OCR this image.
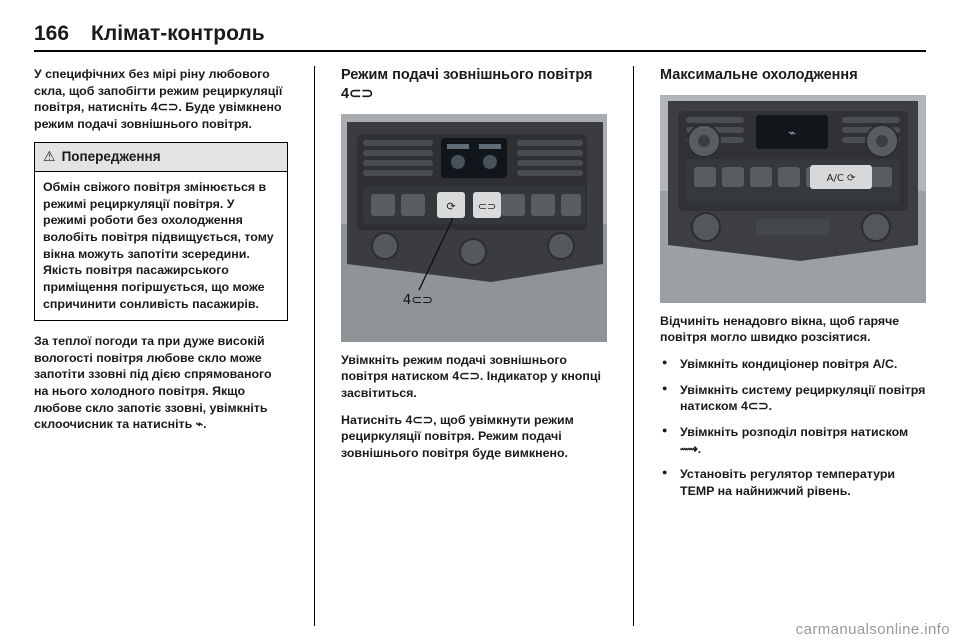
166 Клімат-контроль

У специфічних без мірі ріну любового скла, щоб запобігти режим рециркуляції повітря, натисніть 4⊂⊃. Буде увімкнено режим подачі зовнішнього повітря.

⚠ Попередження
Обмін свіжого повітря змінюється в режимі рециркуляції повітря. У режимі роботи без охолодження волобіть повітря підвищується, тому вікна можуть запотіти зсередини. Якість повітря пасажирського приміщення погіршується, що може спричинити сонливість пасажирів.

За теплої погоди та при дуже високій вологості повітря любове скло може запотіти ззовні під дією спрямованого на нього холодного повітря. Якщо любове скло запотіє ззовні, увімкніть склоочисник та натисніть ⌁.

Режим подачі зовнішнього повітря 4⊂⊃
⟳ ⊂⊃
4⊂⊃

Увімкніть режим подачі зовнішнього повітря натиском 4⊂⊃. Індикатор у кнопці засвітиться.

Натисніть 4⊂⊃, щоб увімкнути режим рециркуляції повітря. Режим подачі зовнішнього повітря буде вимкнено.

Максимальне охолодження
⌁
A/C ⟳

Відчиніть ненадовго вікна, щоб гаряче повітря могло швидко розсіятися.

● Увімкніть кондиціонер повітря A/C.
● Увімкніть систему рециркуляції повітря натиском 4⊂⊃.
● Увімкніть розподіл повітря натиском ⟿.
● Установіть регулятор температури TEMP на найнижчий рівень.
carmanualsonline.info
